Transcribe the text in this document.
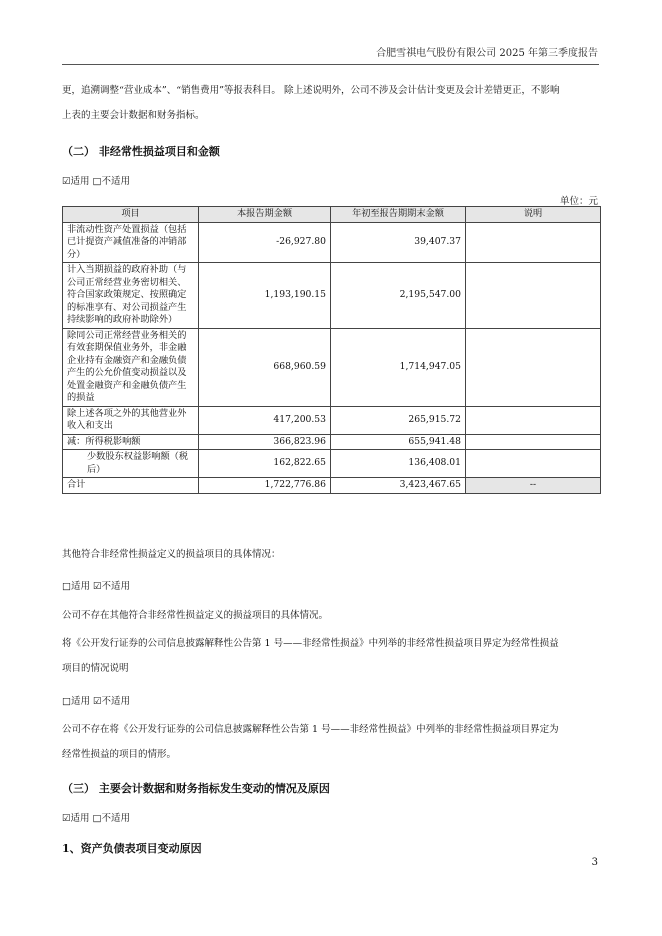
合肥雪祺电气股份有限公司 2025 年第三季度报告
更，追溯调整“营业成本”、“销售费用”等报表科目。 除上述说明外，公司不涉及会计估计变更及会计差错更正，不影响
上表的主要会计数据和财务指标。
（二） 非经常性损益项目和金额
☑适用 □不适用
单位：元
项目	本报告期金额	年初至报告期期末金额	说明
非流动性资产处置损益（包括已计提资产减值准备的冲销部分）	-26,927.80	39,407.37	
计入当期损益的政府补助（与公司正常经营业务密切相关、符合国家政策规定、按照确定的标准享有、对公司损益产生持续影响的政府补助除外）	1,193,190.15	2,195,547.00	
除同公司正常经营业务相关的有效套期保值业务外，非金融企业持有金融资产和金融负债产生的公允价值变动损益以及处置金融资产和金融负债产生的损益	668,960.59	1,714,947.05	
除上述各项之外的其他营业外收入和支出	417,200.53	265,915.72	
减：所得税影响额	366,823.96	655,941.48	
少数股东权益影响额（税后）	162,822.65	136,408.01	
合计	1,722,776.86	3,423,467.65	--
其他符合非经常性损益定义的损益项目的具体情况：
□适用 ☑不适用
公司不存在其他符合非经常性损益定义的损益项目的具体情况。
将《公开发行证券的公司信息披露解释性公告第 1 号——非经常性损益》中列举的非经常性损益项目界定为经常性损益
项目的情况说明
□适用 ☑不适用
公司不存在将《公开发行证券的公司信息披露解释性公告第 1 号——非经常性损益》中列举的非经常性损益项目界定为
经常性损益的项目的情形。
（三） 主要会计数据和财务指标发生变动的情况及原因
☑适用 □不适用
1、资产负债表项目变动原因
3
